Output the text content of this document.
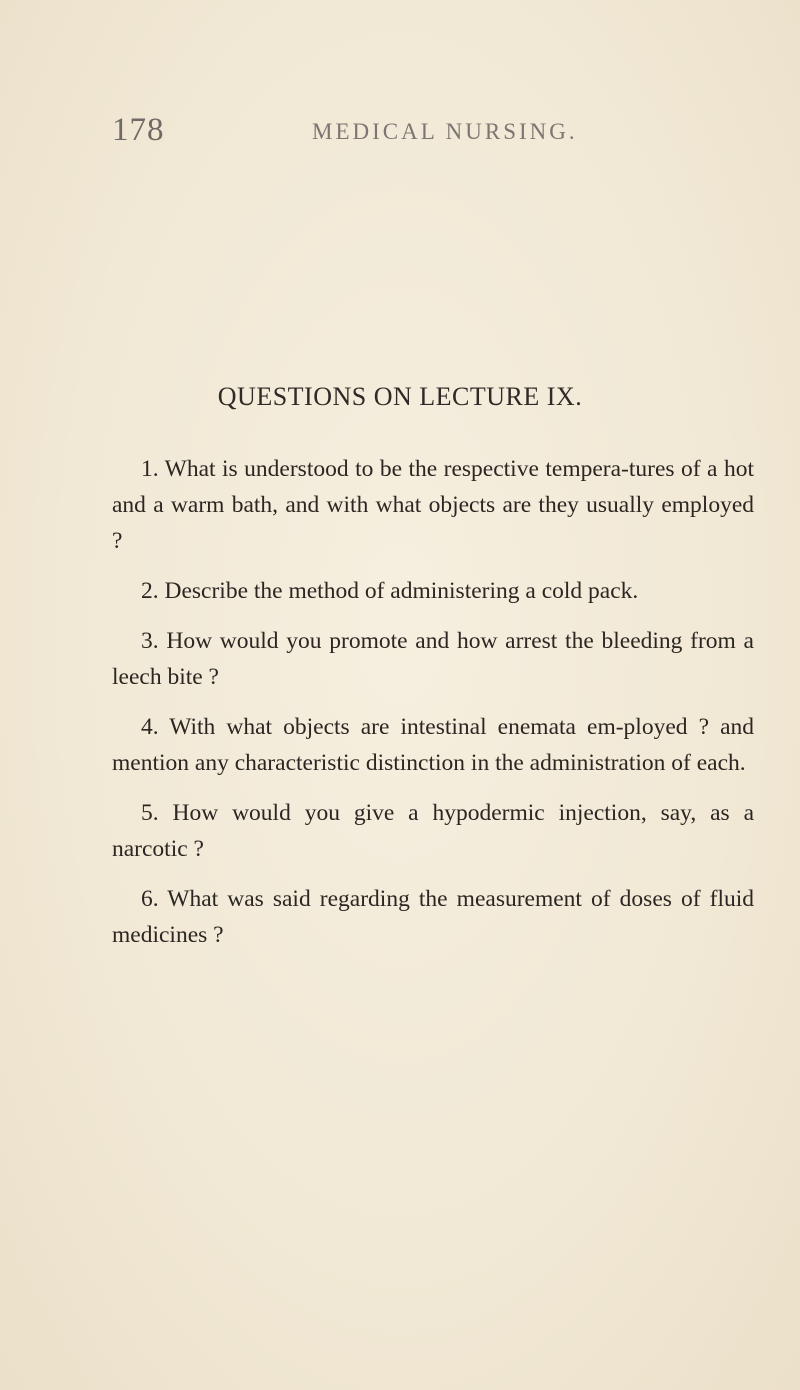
178	MEDICAL NURSING.
QUESTIONS ON LECTURE IX.

1. What is understood to be the respective tempera-tures of a hot and a warm bath, and with what objects are they usually employed ?

2. Describe the method of administering a cold pack.

3. How would you promote and how arrest the bleeding from a leech bite ?

4. With what objects are intestinal enemata em-ployed ? and mention any characteristic distinction in the administration of each.

5. How would you give a hypodermic injection, say, as a narcotic ?

6. What was said regarding the measurement of doses of fluid medicines ?
